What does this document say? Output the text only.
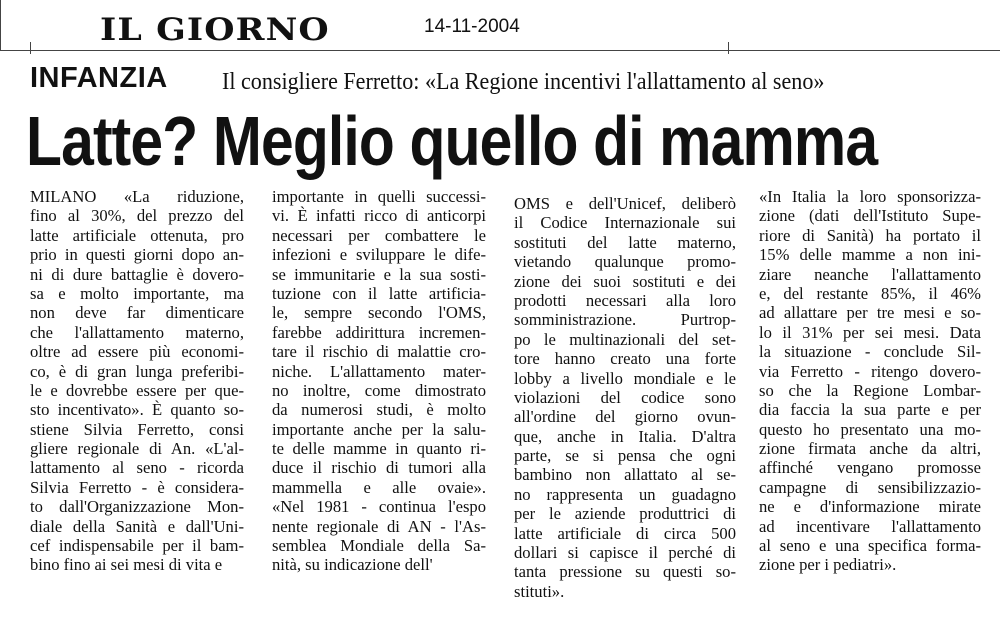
IL GIORNO	14-11-2004
INFANZIA Il consigliere Ferretto: «La Regione incentivi l'allattamento al seno»
Latte? Meglio quello di mamma
MILANO «La riduzione,
fino al 30%, del prezzo del
latte artificiale ottenuta, pro
prio in questi giorni dopo an-
ni di dure battaglie è dovero-
sa e molto importante, ma
non deve far dimenticare
che l'allattamento materno,
oltre ad essere più economi-
co, è di gran lunga preferibi-
le e dovrebbe essere per que-
sto incentivato». È quanto so-
stiene Silvia Ferretto, consi
gliere regionale di An. «L'al-
lattamento al seno - ricorda
Silvia Ferretto - è considera-
to dall'Organizzazione Mon-
diale della Sanità e dall'Uni-
cef indispensabile per il bam-
bino fino ai sei mesi di vita e
importante in quelli successi-
vi. È infatti ricco di anticorpi
necessari per combattere le
infezioni e sviluppare le dife-
se immunitarie e la sua sosti-
tuzione con il latte artificia-
le, sempre secondo l'OMS,
farebbe addirittura incremen-
tare il rischio di malattie cro-
niche. L'allattamento mater-
no inoltre, come dimostrato
da numerosi studi, è molto
importante anche per la salu-
te delle mamme in quanto ri-
duce il rischio di tumori alla
mammella e alle ovaie».
«Nel 1981 - continua l'espo
nente regionale di AN - l'As-
semblea Mondiale della Sa-
nità, su indicazione dell'
OMS e dell'Unicef, deliberò
il Codice Internazionale sui
sostituti del latte materno,
vietando qualunque promo-
zione dei suoi sostituti e dei
prodotti necessari alla loro
somministrazione. Purtrop-
po le multinazionali del set-
tore hanno creato una forte
lobby a livello mondiale e le
violazioni del codice sono
all'ordine del giorno ovun-
que, anche in Italia. D'altra
parte, se si pensa che ogni
bambino non allattato al se-
no rappresenta un guadagno
per le aziende produttrici di
latte artificiale di circa 500
dollari si capisce il perché di
tanta pressione su questi so-
stituti».
«In Italia la loro sponsorizza-
zione (dati dell'Istituto Supe-
riore di Sanità) ha portato il
15% delle mamme a non ini-
ziare neanche l'allattamento
e, del restante 85%, il 46%
ad allattare per tre mesi e so-
lo il 31% per sei mesi. Data
la situazione - conclude Sil-
via Ferretto - ritengo dovero-
so che la Regione Lombar-
dia faccia la sua parte e per
questo ho presentato una mo-
zione firmata anche da altri,
affinché vengano promosse
campagne di sensibilizzazio-
ne e d'informazione mirate
ad incentivare l'allattamento
al seno e una specifica forma-
zione per i pediatri».
